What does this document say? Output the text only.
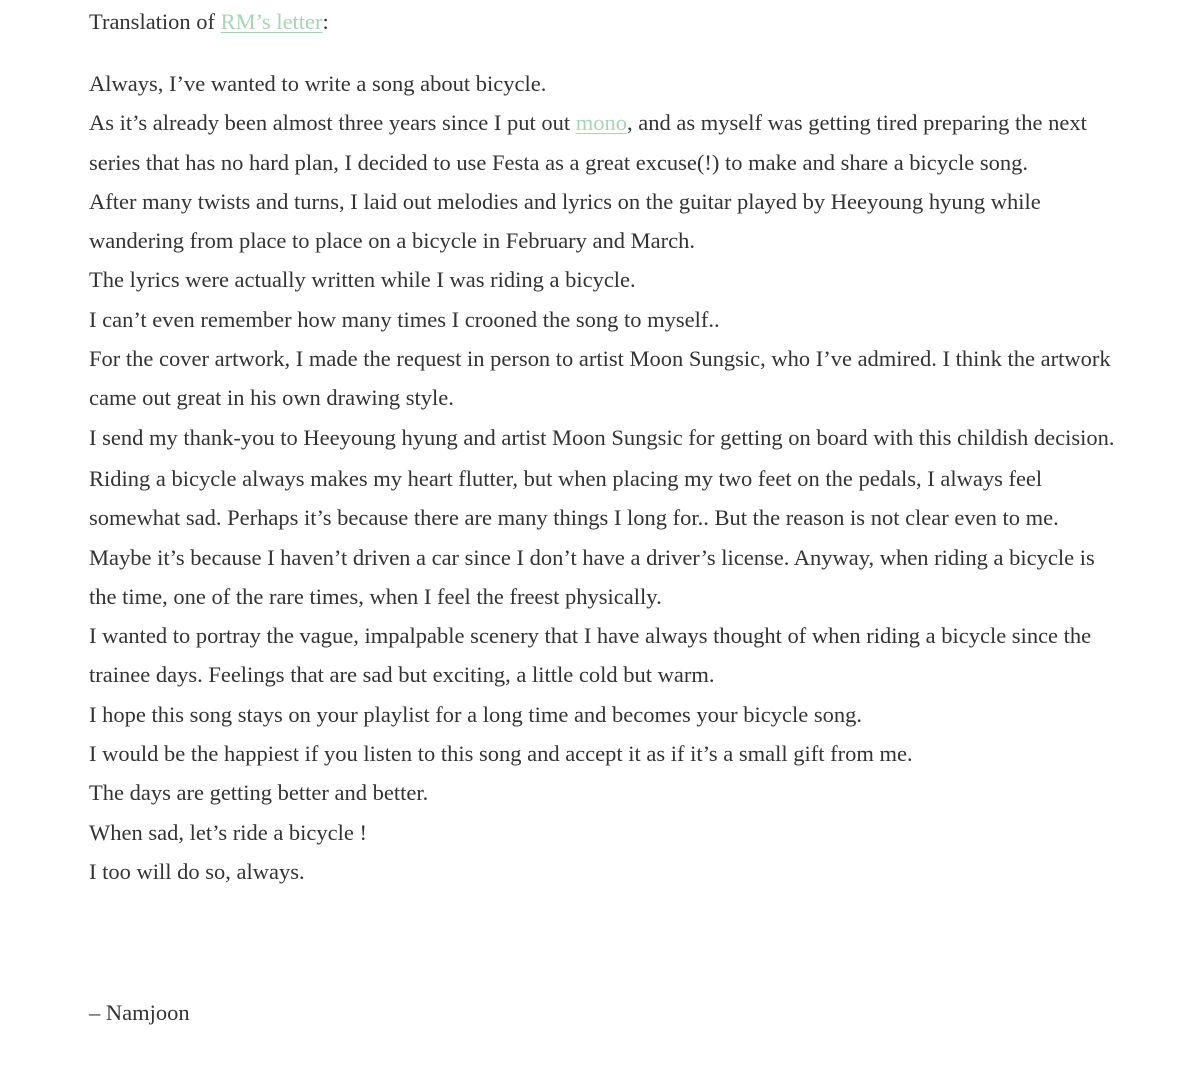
Translation of RM’s letter:

Always, I’ve wanted to write a song about bicycle.

As it’s already been almost three years since I put out mono, and as myself was getting tired preparing the next series that has no hard plan, I decided to use Festa as a great excuse(!) to make and share a bicycle song.

After many twists and turns, I laid out melodies and lyrics on the guitar played by Heeyoung hyung while wandering from place to place on a bicycle in February and March.

The lyrics were actually written while I was riding a bicycle.

I can’t even remember how many times I crooned the song to myself..

For the cover artwork, I made the request in person to artist Moon Sungsic, who I’ve admired. I think the artwork came out great in his own drawing style.

I send my thank-you to Heeyoung hyung and artist Moon Sungsic for getting on board with this childish decision.

Riding a bicycle always makes my heart flutter, but when placing my two feet on the pedals, I always feel somewhat sad. Perhaps it’s because there are many things I long for.. But the reason is not clear even to me. Maybe it’s because I haven’t driven a car since I don’t have a driver’s license. Anyway, when riding a bicycle is the time, one of the rare times, when I feel the freest physically.

I wanted to portray the vague, impalpable scenery that I have always thought of when riding a bicycle since the trainee days. Feelings that are sad but exciting, a little cold but warm.

I hope this song stays on your playlist for a long time and becomes your bicycle song.

I would be the happiest if you listen to this song and accept it as if it’s a small gift from me.

The days are getting better and better.

When sad, let’s ride a bicycle !

I too will do so, always.

– Namjoon
